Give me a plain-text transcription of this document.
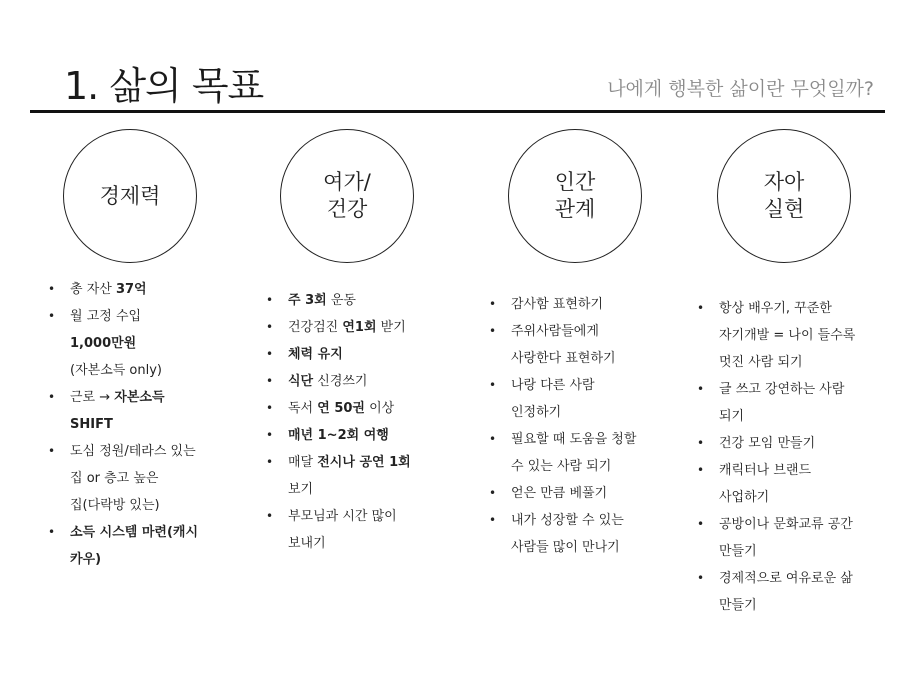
1. 삶의 목표	나에게 행복한 삶이란 무엇일까?
경제력
여가/
건강
인간
관계
자아
실현
• 총 자산 37억
• 월 고정 수입
1,000만원
(자본소득 only)
• 근로 → 자본소득
SHIFT
• 도심 정원/테라스 있는
집 or 층고 높은
집(다락방 있는)
• 소득 시스템 마련(캐시
카우)
• 주 3회 운동
• 건강검진 연1회 받기
• 체력 유지
• 식단 신경쓰기
• 독서 연 50권 이상
• 매년 1~2회 여행
• 매달 전시나 공연 1회
보기
• 부모님과 시간 많이
보내기
• 감사함 표현하기
• 주위사람들에게
사랑한다 표현하기
• 나랑 다른 사람
인정하기
• 필요할 때 도움을 청할
수 있는 사람 되기
• 얻은 만큼 베풀기
• 내가 성장할 수 있는
사람들 많이 만나기
• 항상 배우기, 꾸준한
자기개발 = 나이 들수록
멋진 사람 되기
• 글 쓰고 강연하는 사람
되기
• 건강 모임 만들기
• 캐릭터나 브랜드
사업하기
• 공방이나 문화교류 공간
만들기
• 경제적으로 여유로운 삶
만들기
